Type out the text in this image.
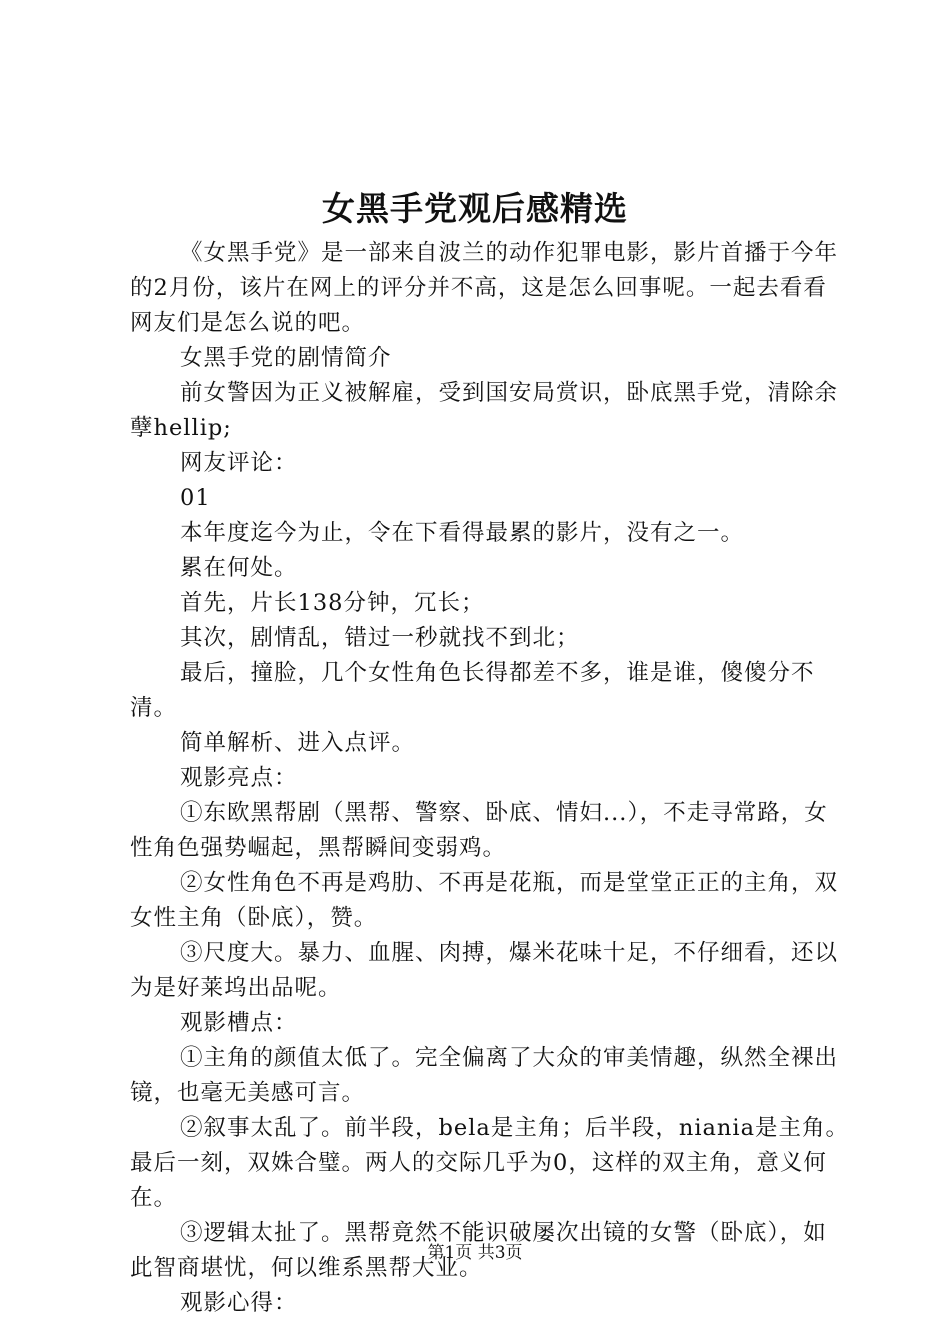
女黑手党观后感精选

《女黑手党》是一部来自波兰的动作犯罪电影，影片首播于今年的2月份，该片在网上的评分并不高，这是怎么回事呢。一起去看看网友们是怎么说的吧。

女黑手党的剧情简介

前女警因为正义被解雇，受到国安局赏识，卧底黑手党，清除余孽hellip;

网友评论：

01

本年度迄今为止，令在下看得最累的影片，没有之一。

累在何处。

首先，片长138分钟，冗长；

其次，剧情乱，错过一秒就找不到北；

最后，撞脸，几个女性角色长得都差不多，谁是谁，傻傻分不清。

简单解析、进入点评。

观影亮点：

①东欧黑帮剧（黑帮、警察、卧底、情妇...），不走寻常路，女性角色强势崛起，黑帮瞬间变弱鸡。

②女性角色不再是鸡肋、不再是花瓶，而是堂堂正正的主角，双女性主角（卧底），赞。

③尺度大。暴力、血腥、肉搏，爆米花味十足，不仔细看，还以为是好莱坞出品呢。

观影槽点：

①主角的颜值太低了。完全偏离了大众的审美情趣，纵然全裸出镜，也毫无美感可言。

②叙事太乱了。前半段，bela是主角；后半段，niania是主角。最后一刻，双姝合璧。两人的交际几乎为0，这样的双主角，意义何在。

③逻辑太扯了。黑帮竟然不能识破屡次出镜的女警（卧底），如此智商堪忧，何以维系黑帮大业。

观影心得：

第1页 共3页
